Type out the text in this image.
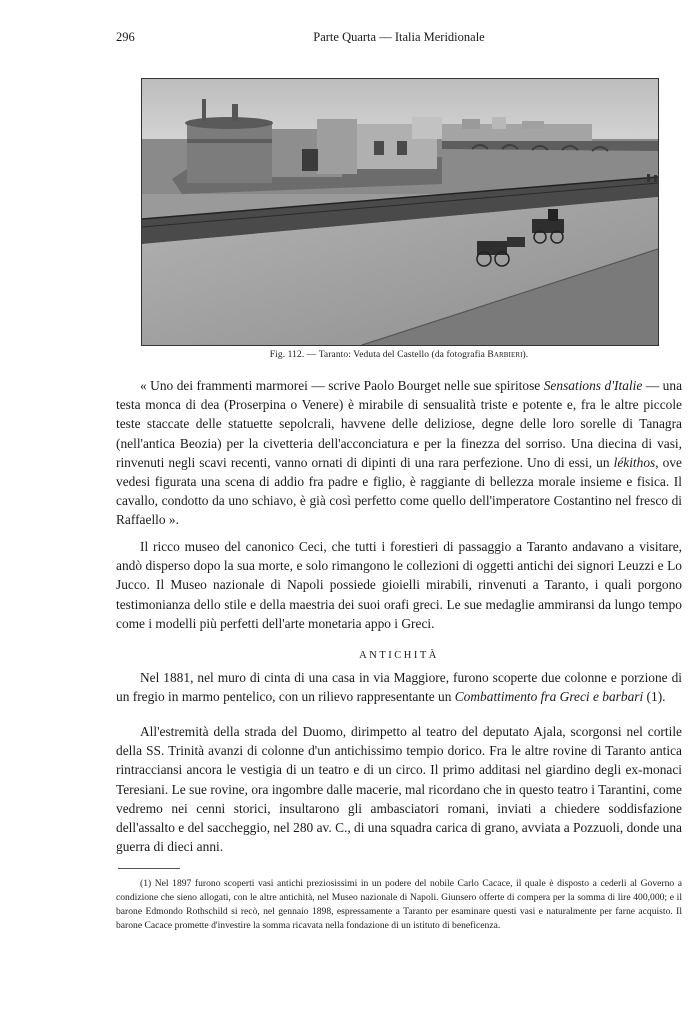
296	Parte Quarta — Italia Meridionale
Fig. 112. — Taranto: Veduta del Castello (da fotografia Barbieri).

« Uno dei frammenti marmorei — scrive Paolo Bourget nelle sue spiritose Sensations d'Italie — una testa monca di dea (Proserpina o Venere) è mirabile di sensualità triste e potente e, fra le altre piccole teste staccate delle statuette sepolcrali, havvene delle deliziose, degne delle loro sorelle di Tanagra (nell'antica Beozia) per la civetteria dell'acconciatura e per la finezza del sorriso. Una diecina di vasi, rinvenuti negli scavi recenti, vanno ornati di dipinti di una rara perfezione. Uno di essi, un lékithos, ove vedesi figurata una scena di addio fra padre e figlio, è raggiante di bellezza morale insieme e fisica. Il cavallo, condotto da uno schiavo, è già così perfetto come quello dell'imperatore Costantino nel fresco di Raffaello ».

Il ricco museo del canonico Ceci, che tutti i forestieri di passaggio a Taranto andavano a visitare, andò disperso dopo la sua morte, e solo rimangono le collezioni di oggetti antichi dei signori Leuzzi e Lo Jucco. Il Museo nazionale di Napoli possiede gioielli mirabili, rinvenuti a Taranto, i quali porgono testimonianza dello stile e della maestria dei suoi orafi greci. Le sue medaglie ammiransi da lungo tempo come i modelli più perfetti dell'arte monetaria appo i Greci.

ANTICHITÀ

Nel 1881, nel muro di cinta di una casa in via Maggiore, furono scoperte due colonne e porzione di un fregio in marmo pentelico, con un rilievo rappresentante un Combattimento fra Greci e barbari (1).

All'estremità della strada del Duomo, dirimpetto al teatro del deputato Ajala, scorgonsi nel cortile della SS. Trinità avanzi di colonne d'un antichissimo tempio dorico. Fra le altre rovine di Taranto antica rintracciansi ancora le vestigia di un teatro e di un circo. Il primo additasi nel giardino degli ex-monaci Teresiani. Le sue rovine, ora ingombre dalle macerie, mal ricordano che in questo teatro i Tarantini, come vedremo nei cenni storici, insultarono gli ambasciatori romani, inviati a chiedere soddisfazione dell'assalto e del saccheggio, nel 280 av. C., di una squadra carica di grano, avviata a Pozzuoli, donde una guerra di dieci anni.

(1) Nel 1897 furono scoperti vasi antichi preziosissimi in un podere del nobile Carlo Cacace, il quale è disposto a cederli al Governo a condizione che sieno allogati, con le altre antichità, nel Museo nazionale di Napoli. Giunsero offerte di compera per la somma di lire 400,000; e il barone Edmondo Rothschild si recò, nel gennaio 1898, espressamente a Taranto per esaminare questi vasi e naturalmente per farne acquisto. Il barone Cacace promette d'investire la somma ricavata nella fondazione di un istituto di beneficenza.
